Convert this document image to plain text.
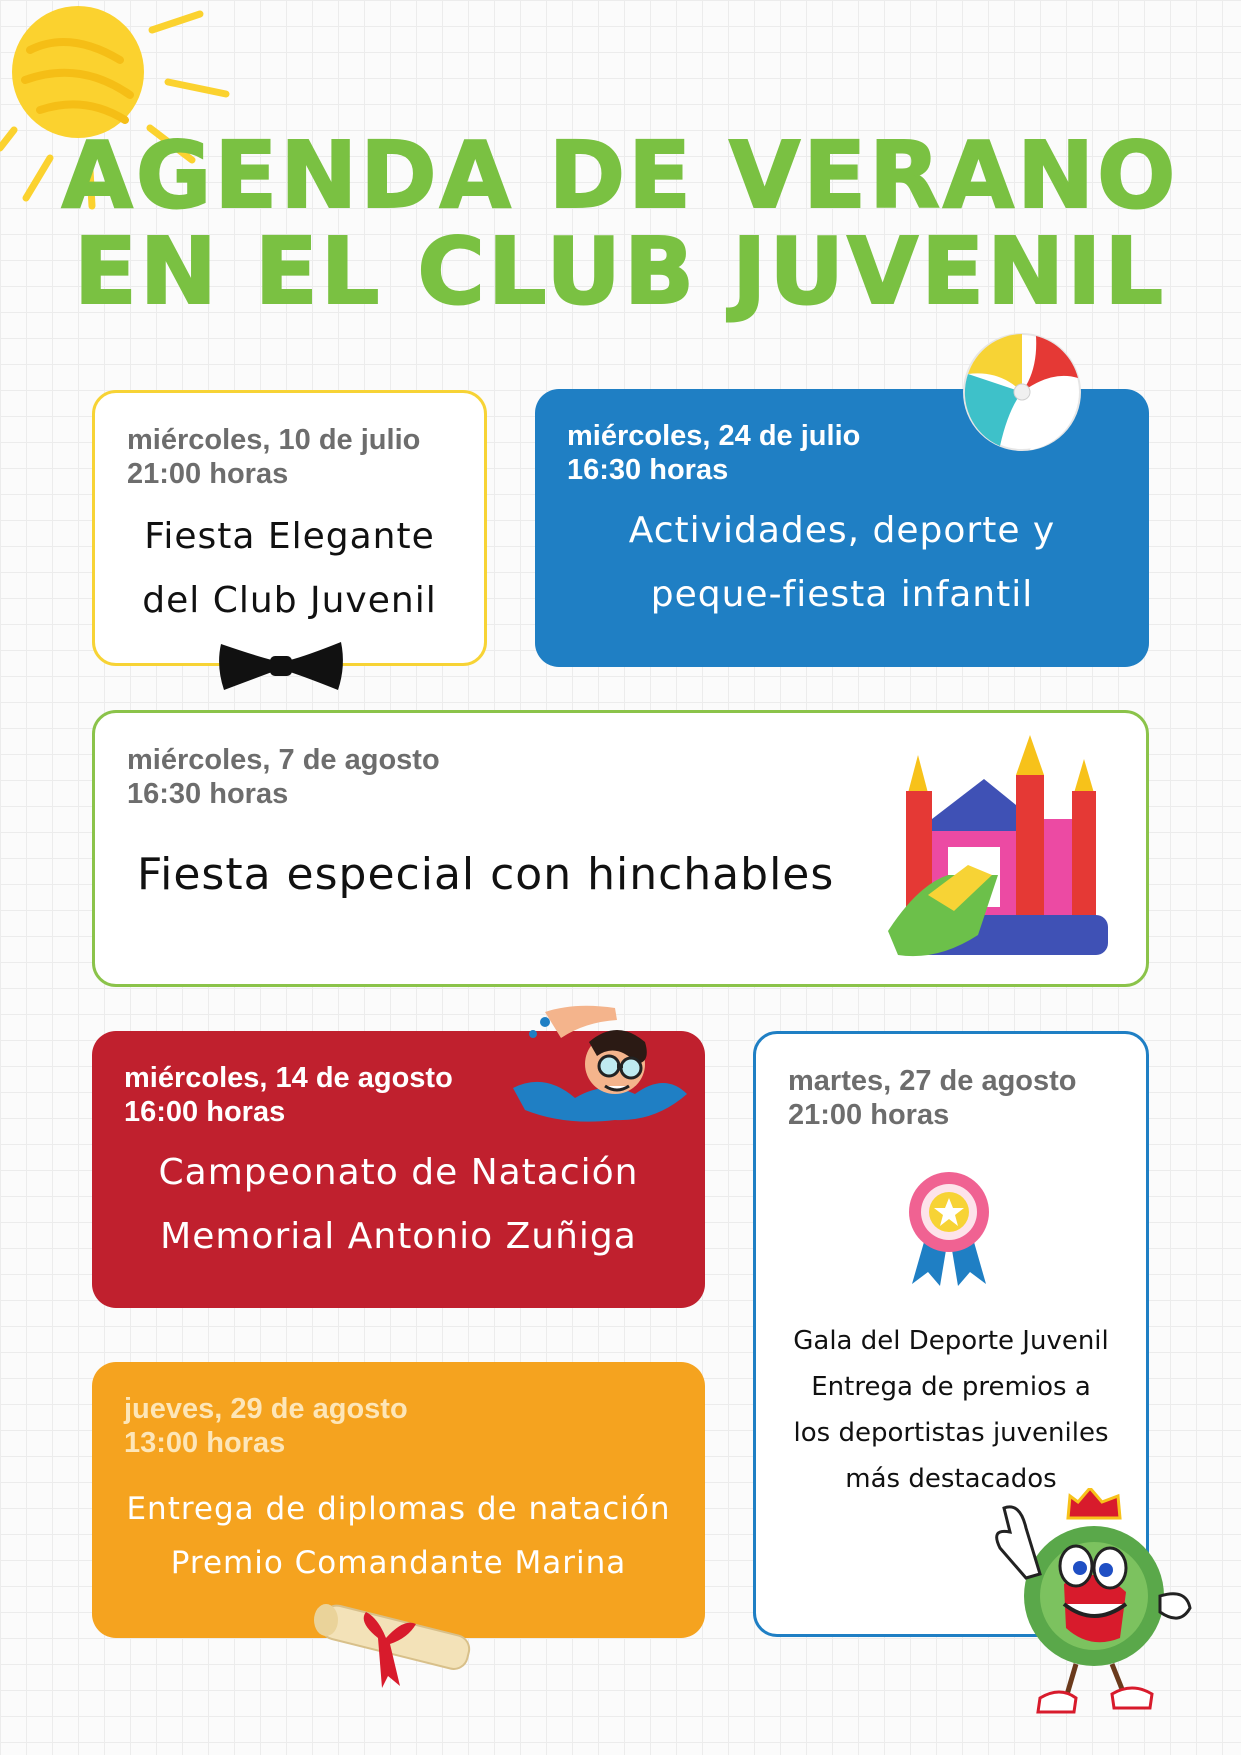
AGENDA DE VERANO
EN EL CLUB JUVENIL
miércoles, 10 de julio
21:00 horas
Fiesta Elegante
del Club Juvenil
miércoles, 24 de julio
16:30 horas
Actividades, deporte y
peque-fiesta infantil
miércoles, 7 de agosto
16:30 horas
Fiesta especial con hinchables
miércoles, 14 de agosto
16:00 horas
Campeonato de Natación
Memorial Antonio Zuñiga
martes, 27 de agosto
21:00 horas
Gala del Deporte Juvenil
Entrega de premios a
los deportistas juveniles
más destacados
jueves, 29 de agosto
13:00 horas
Entrega de diplomas de natación
Premio Comandante Marina
